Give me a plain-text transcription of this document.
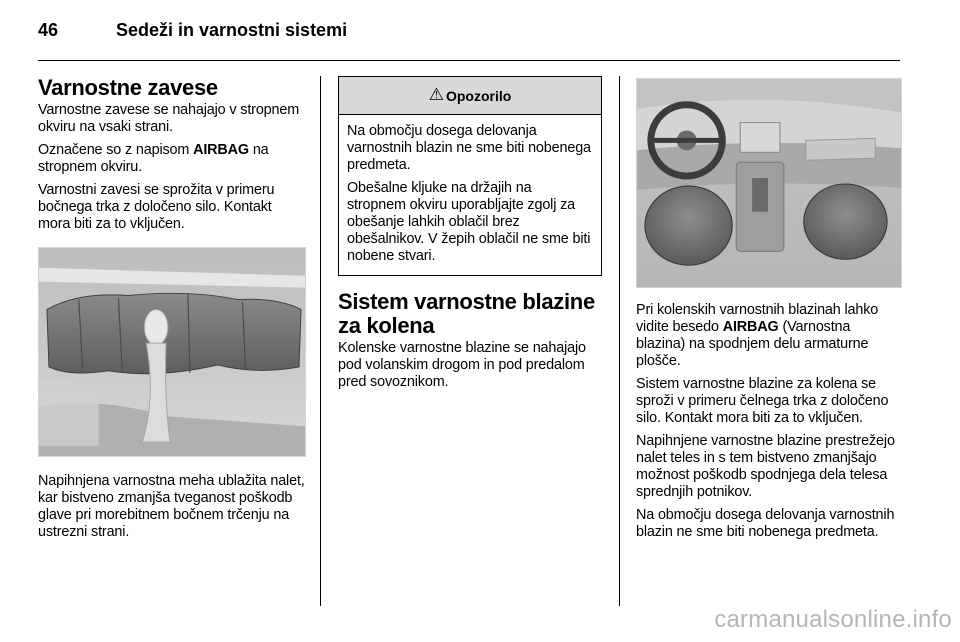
46	Sedeži in varnostni sistemi
Varnostne zavese

Varnostne zavese se nahajajo v stropnem okviru na vsaki strani.

Označene so z napisom AIRBAG na stropnem okviru.

Varnostni zavesi se sprožita v primeru bočnega trka z določeno silo. Kontakt mora biti za to vključen.

Napihnjena varnostna meha ublažita nalet, kar bistveno zmanjša tveganost poškodb glave pri morebitnem bočnem trčenju na ustrezni strani.

⚠ Opozorilo

Na območju dosega delovanja varnostnih blazin ne sme biti nobenega predmeta.

Obešalne kljuke na držajih na stropnem okviru uporabljajte zgolj za obešanje lahkih oblačil brez obešalnikov. V žepih oblačil ne sme biti nobene stvari.

Sistem varnostne blazine za kolena

Kolenske varnostne blazine se nahajajo pod volanskim drogom in pod predalom pred sovoznikom.

Pri kolenskih varnostnih blazinah lahko vidite besedo AIRBAG (Varnostna blazina) na spodnjem delu armaturne plošče.

Sistem varnostne blazine za kolena se sproži v primeru čelnega trka z določeno silo. Kontakt mora biti za to vključen.

Napihnjene varnostne blazine prestrežejo nalet teles in s tem bistveno zmanjšajo možnost poškodb spodnjega dela telesa sprednjih potnikov.

Na območju dosega delovanja varnostnih blazin ne sme biti nobenega predmeta.

carmanualsonline.info
